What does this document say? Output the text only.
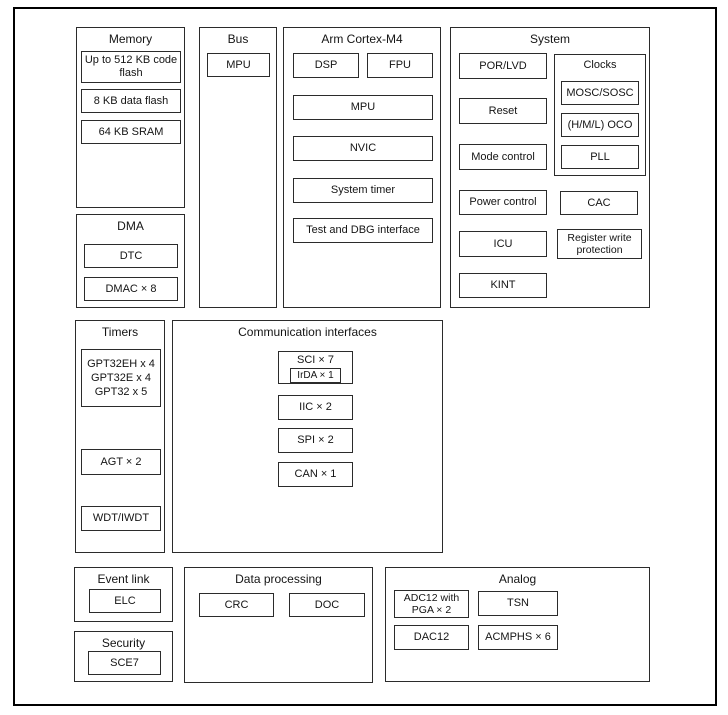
Memory
Up to 512 KB code flash
8 KB data flash
64 KB SRAM
DMA
DTC
DMAC × 8
Bus
MPU
Arm Cortex-M4
DSP	FPU
MPU
NVIC
System timer
Test and DBG interface
System
POR/LVD
Reset
Mode control
Power control
ICU
KINT
Clocks
MOSC/SOSC
(H/M/L) OCO
PLL
CAC
Register write protection
Timers
GPT32EH x 4
GPT32E x 4
GPT32 x 5
AGT × 2
WDT/IWDT
Communication interfaces
SCI × 7
IrDA × 1
IIC × 2
SPI × 2
CAN × 1
Event link
ELC
Security
SCE7
Data processing
CRC	DOC
Analog
ADC12 with PGA × 2
TSN
DAC12	ACMPHS × 6
